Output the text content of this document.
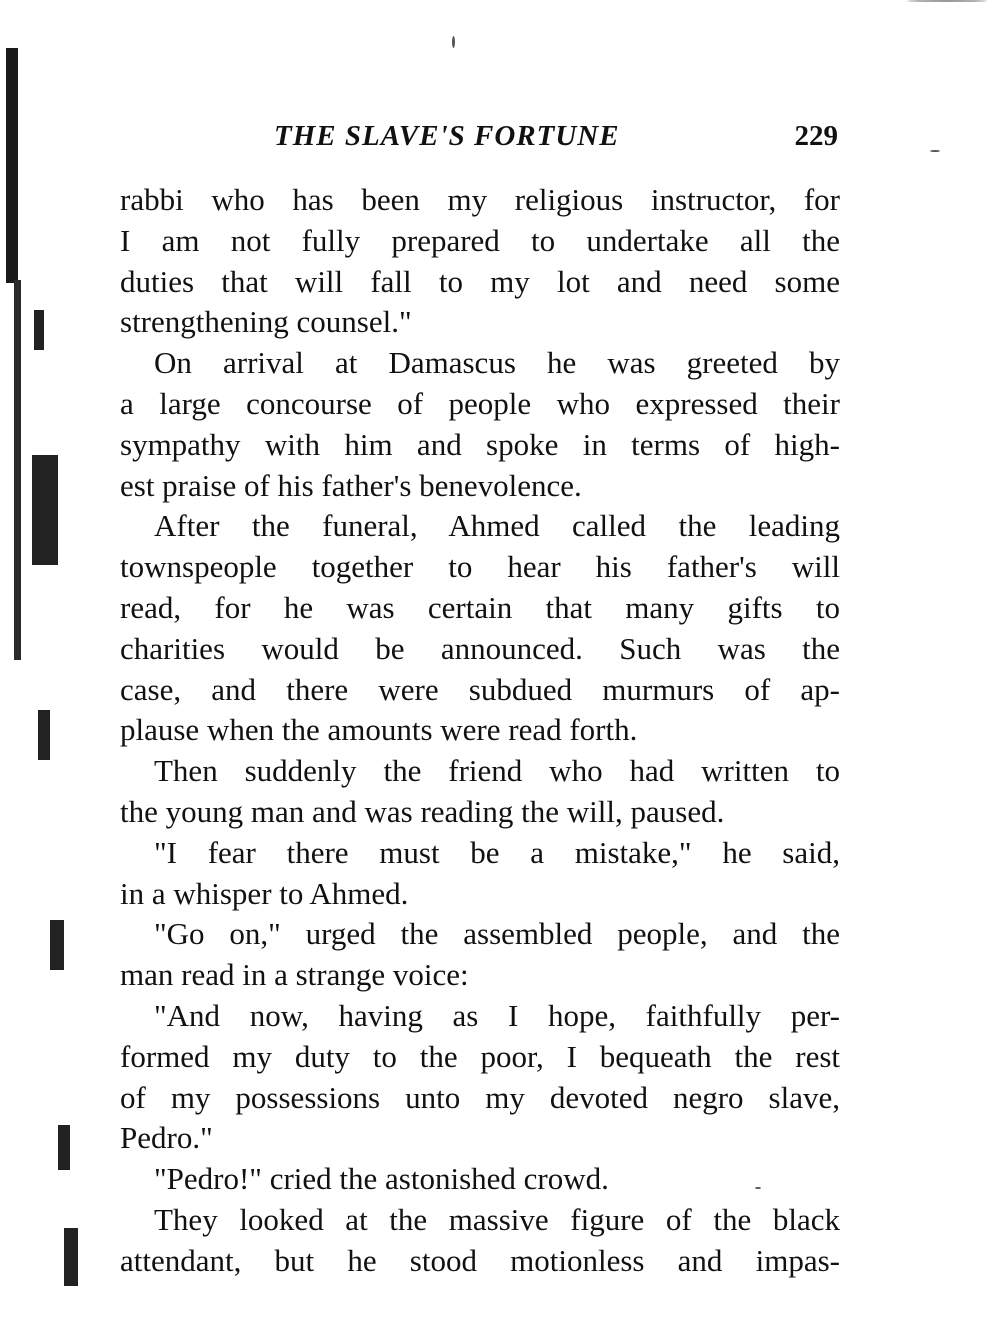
THE SLAVE'S FORTUNE	229
rabbi who has been my religious instructor, for
I am not fully prepared to undertake all the
duties that will fall to my lot and need some
strengthening counsel."
On arrival at Damascus he was greeted by
a large concourse of people who expressed their
sympathy with him and spoke in terms of high-
est praise of his father's benevolence.
After the funeral, Ahmed called the leading
townspeople together to hear his father's will
read, for he was certain that many gifts to
charities would be announced. Such was the
case, and there were subdued murmurs of ap-
plause when the amounts were read forth.
Then suddenly the friend who had written to
the young man and was reading the will, paused.
"I fear there must be a mistake," he said,
in a whisper to Ahmed.
"Go on," urged the assembled people, and the
man read in a strange voice:
"And now, having as I hope, faithfully per-
formed my duty to the poor, I bequeath the rest
of my possessions unto my devoted negro slave,
Pedro."
"Pedro!" cried the astonished crowd.
They looked at the massive figure of the black
attendant, but he stood motionless and impas-
